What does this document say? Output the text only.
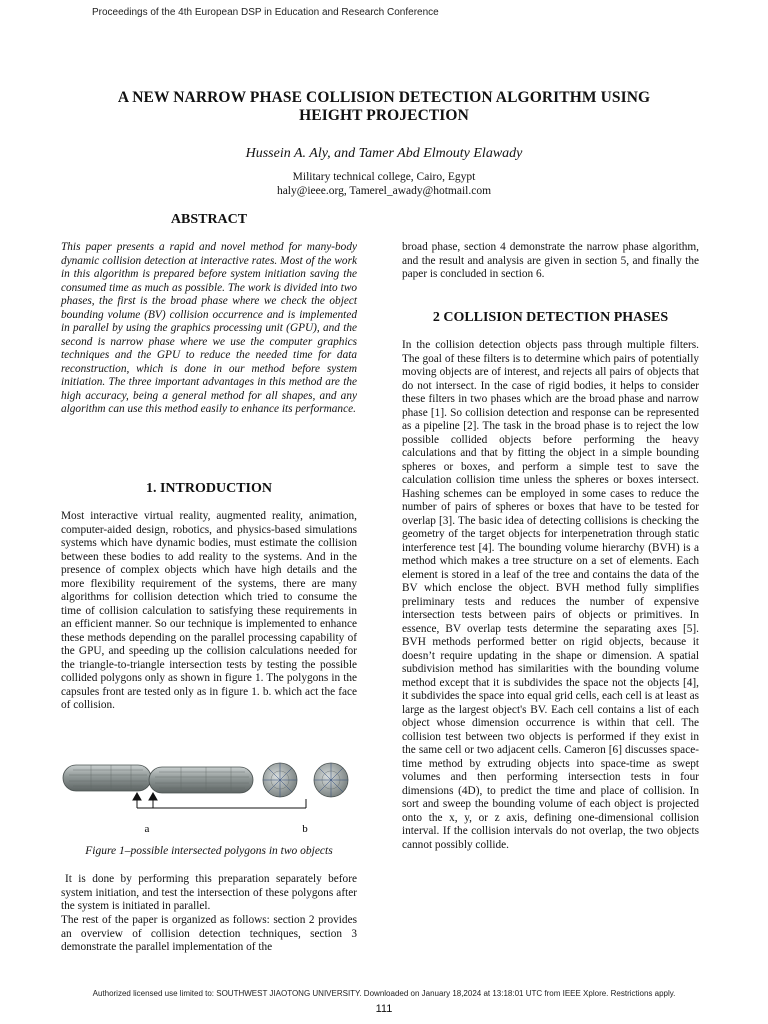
Proceedings of the 4th European DSP in Education and Research Conference
A NEW NARROW PHASE COLLISION DETECTION ALGORITHM USING
HEIGHT PROJECTION
Hussein A. Aly, and Tamer Abd Elmouty Elawady
Military technical college, Cairo, Egypt
haly@ieee.org, Tamerel_awady@hotmail.com
ABSTRACT

This paper presents a rapid and novel method for many-body dynamic collision detection at interactive rates. Most of the work in this algorithm is prepared before system initiation saving the consumed time as much as possible. The work is divided into two phases, the first is the broad phase where we check the object bounding volume (BV) collision occurrence and is implemented in parallel by using the graphics processing unit (GPU), and the second is narrow phase where we use the computer graphics techniques and the GPU to reduce the needed time for data reconstruction, which is done in our method before system initiation. The three important advantages in this method are the high accuracy, being a general method for all shapes, and any algorithm can use this method easily to enhance its performance.

1. INTRODUCTION

Most interactive virtual reality, augmented reality, animation, computer-aided design, robotics, and physics-based simulations systems which have dynamic bodies, must estimate the collision between these bodies to add reality to the systems. And in the presence of complex objects which have high details and the more flexibility requirement of the systems, there are many algorithms for collision detection which tried to consume the time of collision calculation to satisfying these requirements in an efficient manner. So our technique is implemented to enhance these methods depending on the parallel processing capability of the GPU, and speeding up the collision calculations needed for the triangle-to-triangle intersection tests by testing the possible collided polygons only as shown in figure 1. The polygons in the capsules front are tested only as in figure 1. b. which act the face of collision.

a	b
Figure 1–possible intersected polygons in two objects

It is done by performing this preparation separately before system initiation, and test the intersection of these polygons after the system is initiated in parallel.

The rest of the paper is organized as follows: section 2 provides an overview of collision detection techniques, section 3 demonstrate the parallel implementation of the

broad phase, section 4 demonstrate the narrow phase algorithm, and the result and analysis are given in section 5, and finally the paper is concluded in section 6.

2 COLLISION DETECTION PHASES

In the collision detection objects pass through multiple filters. The goal of these filters is to determine which pairs of potentially moving objects are of interest, and rejects all pairs of objects that do not intersect. In the case of rigid bodies, it helps to consider these filters in two phases which are the broad phase and narrow phase [1]. So collision detection and response can be represented as a pipeline [2]. The task in the broad phase is to reject the low possible collided objects before performing the heavy calculations and that by fitting the object in a simple bounding spheres or boxes, and perform a simple test to save the calculation collision time unless the spheres or boxes intersect. Hashing schemes can be employed in some cases to reduce the number of pairs of spheres or boxes that have to be tested for overlap [3]. The basic idea of detecting collisions is checking the geometry of the target objects for interpenetration through static interference test [4]. The bounding volume hierarchy (BVH) is a method which makes a tree structure on a set of elements. Each element is stored in a leaf of the tree and contains the data of the BV which enclose the object. BVH method fully simplifies preliminary tests and reduces the number of expensive intersection tests between pairs of objects or primitives. In essence, BV overlap tests determine the separating axes [5]. BVH methods performed better on rigid objects, because it doesn’t require updating in the shape or dimension. A spatial subdivision method has similarities with the bounding volume method except that it is subdivides the space not the objects [4], it subdivides the space into equal grid cells, each cell is at least as large as the largest object's BV. Each cell contains a list of each object whose dimension occurrence is within that cell. The collision test between two objects is performed if they exist in the same cell or two adjacent cells. Cameron [6] discusses space-time method by extruding objects into space-time as swept volumes and then performing intersection tests in four dimensions (4D), to predict the time and place of collision. In sort and sweep the bounding volume of each object is projected onto the x, y, or z axis, defining one-dimensional collision interval. If the collision intervals do not overlap, the two objects cannot possibly collide.

Authorized licensed use limited to: SOUTHWEST JIAOTONG UNIVERSITY. Downloaded on January 18,2024 at 13:18:01 UTC from IEEE Xplore. Restrictions apply.
111
